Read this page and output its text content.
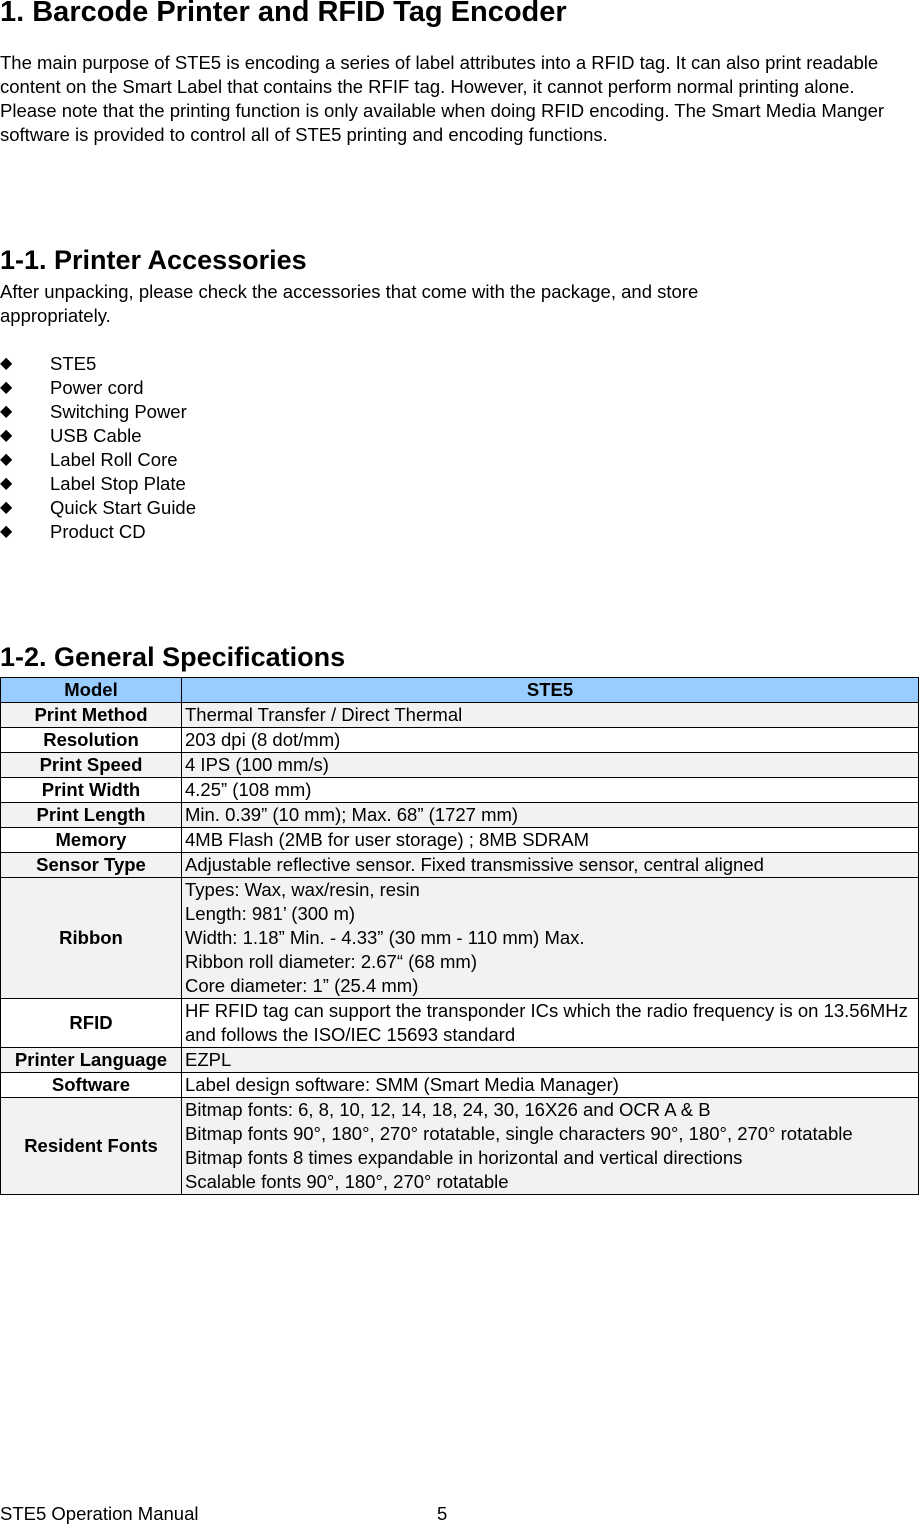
1. Barcode Printer and RFID Tag Encoder

The main purpose of STE5 is encoding a series of label attributes into a RFID tag. It can also print readable content on the Smart Label that contains the RFIF tag. However, it cannot perform normal printing alone. Please note that the printing function is only available when doing RFID encoding. The Smart Media Manger software is provided to control all of STE5 printing and encoding functions.

1-1. Printer Accessories

After unpacking, please check the accessories that come with the package, and store appropriately.

◆	STE5
◆	Power cord
◆	Switching Power
◆	USB Cable
◆	Label Roll Core
◆	Label Stop Plate
◆	Quick Start Guide
◆	Product CD
1-2. General Specifications
Model	STE5
Print Method	Thermal Transfer / Direct Thermal

Resolution	203 dpi (8 dot/mm)

Print Speed	4 IPS (100 mm/s)

Print Width	4.25” (108 mm)

Print Length	Min. 0.39” (10 mm); Max. 68” (1727 mm)

Memory	4MB Flash (2MB for user storage) ; 8MB SDRAM

Sensor Type	Adjustable reflective sensor. Fixed transmissive sensor, central aligned

Ribbon	Types: Wax, wax/resin, resin
Length: 981’ (300 m)
Width: 1.18” Min. - 4.33” (30 mm - 110 mm) Max.
Ribbon roll diameter: 2.67“ (68 mm)
Core diameter: 1” (25.4 mm)

RFID	HF RFID tag can support the transponder ICs which the radio frequency is on 13.56MHz and follows the ISO/IEC 15693 standard

Printer Language	EZPL

Software	Label design software: SMM (Smart Media Manager)

Resident Fonts	Bitmap fonts: 6, 8, 10, 12, 14, 18, 24, 30, 16X26 and OCR A & B
Bitmap fonts 90°, 180°, 270° rotatable, single characters 90°, 180°, 270° rotatable
Bitmap fonts 8 times expandable in horizontal and vertical directions
Scalable fonts 90°, 180°, 270° rotatable
STE5 Operation Manual	5
